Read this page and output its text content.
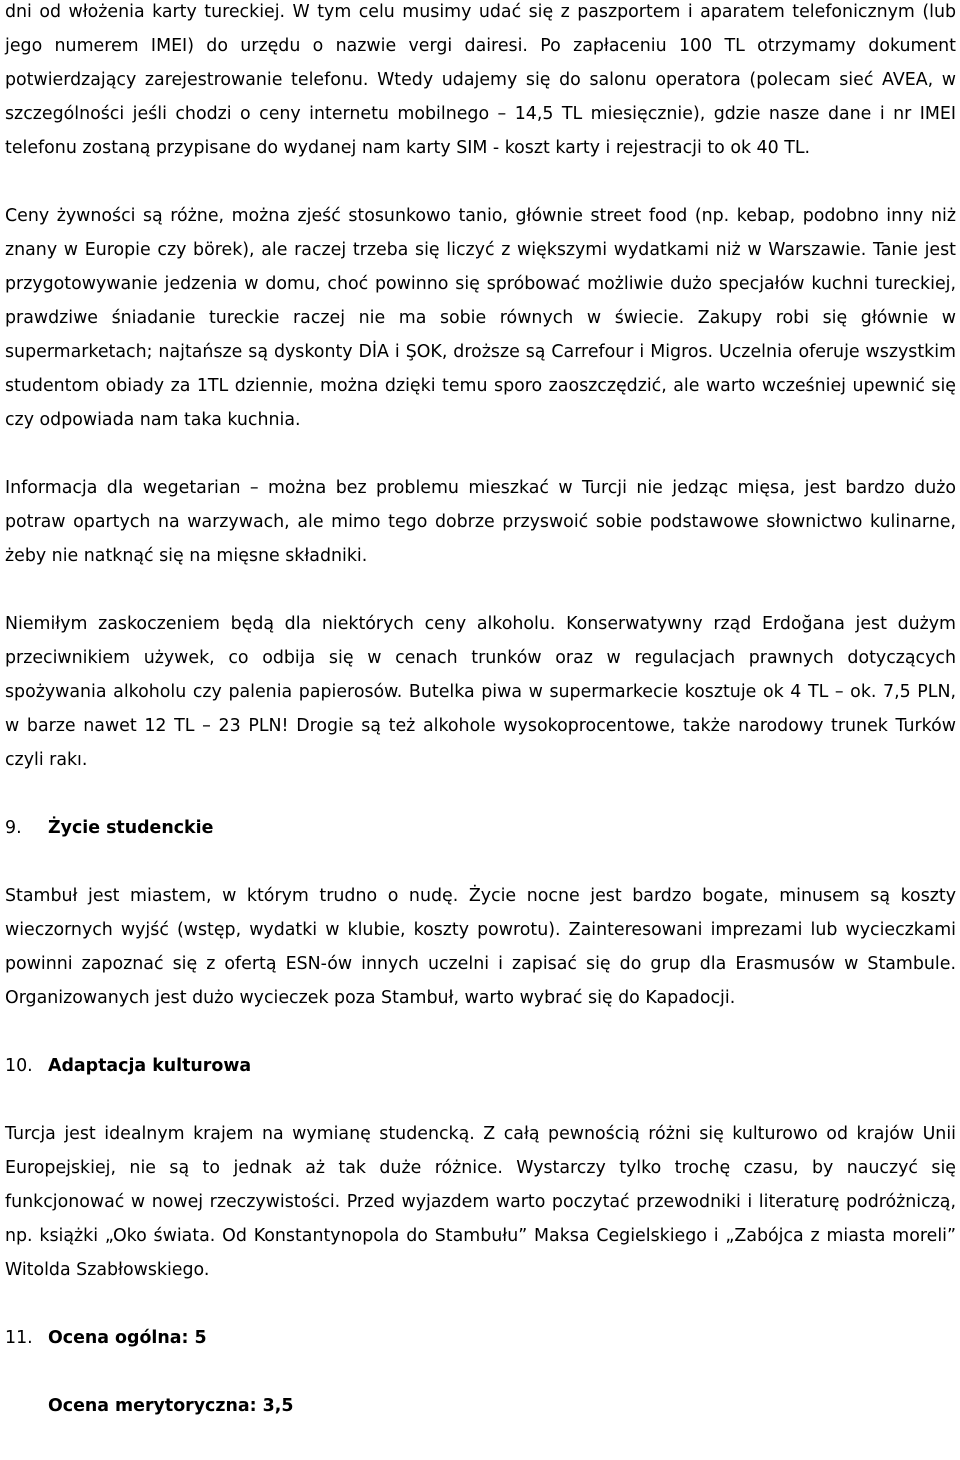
dni od włożenia karty tureckiej. W tym celu musimy udać się z paszportem i aparatem telefonicznym (lub jego numerem IMEI) do urzędu o nazwie vergi dairesi. Po zapłaceniu 100 TL otrzymamy dokument potwierdzający zarejestrowanie telefonu. Wtedy udajemy się do salonu operatora (polecam sieć AVEA, w szczególności jeśli chodzi o ceny internetu mobilnego – 14,5 TL miesięcznie), gdzie nasze dane i nr IMEI telefonu zostaną przypisane do wydanej nam karty SIM - koszt karty i rejestracji to ok 40 TL.

Ceny żywności są różne, można zjeść stosunkowo tanio, głównie street food (np. kebap, podobno inny niż znany w Europie czy börek), ale raczej trzeba się liczyć z większymi wydatkami niż w Warszawie. Tanie jest przygotowywanie jedzenia w domu, choć powinno się spróbować możliwie dużo specjałów kuchni tureckiej, prawdziwe śniadanie tureckie raczej nie ma sobie równych w świecie. Zakupy robi się głównie w supermarketach; najtańsze są dyskonty DİA i ŞOK, droższe są Carrefour i Migros. Uczelnia oferuje wszystkim studentom obiady za 1TL dziennie, można dzięki temu sporo zaoszczędzić, ale warto wcześniej upewnić się czy odpowiada nam taka kuchnia.

Informacja dla wegetarian – można bez problemu mieszkać w Turcji nie jedząc mięsa, jest bardzo dużo potraw opartych na warzywach, ale mimo tego dobrze przyswoić sobie podstawowe słownictwo kulinarne, żeby nie natknąć się na mięsne składniki.

Niemiłym zaskoczeniem będą dla niektórych ceny alkoholu. Konserwatywny rząd Erdoğana jest dużym przeciwnikiem używek, co odbija się w cenach trunków oraz w regulacjach prawnych dotyczących spożywania alkoholu czy palenia papierosów. Butelka piwa w supermarkecie kosztuje ok 4 TL – ok. 7,5 PLN, w barze nawet 12 TL – 23 PLN! Drogie są też alkohole wysokoprocentowe, także narodowy trunek Turków czyli rakı.

9. Życie studenckie

Stambuł jest miastem, w którym trudno o nudę. Życie nocne jest bardzo bogate, minusem są koszty wieczornych wyjść (wstęp, wydatki w klubie, koszty powrotu). Zainteresowani imprezami lub wycieczkami powinni zapoznać się z ofertą ESN-ów innych uczelni i zapisać się do grup dla Erasmusów w Stambule. Organizowanych jest dużo wycieczek poza Stambuł, warto wybrać się do Kapadocji.

10. Adaptacja kulturowa

Turcja jest idealnym krajem na wymianę studencką. Z całą pewnością różni się kulturowo od krajów Unii Europejskiej, nie są to jednak aż tak duże różnice. Wystarczy tylko trochę czasu, by nauczyć się funkcjonować w nowej rzeczywistości. Przed wyjazdem warto poczytać przewodniki i literaturę podróżniczą, np. książki „Oko świata. Od Konstantynopola do Stambułu” Maksa Cegielskiego i „Zabójca z miasta moreli” Witolda Szabłowskiego.

11. Ocena ogólna: 5
Ocena merytoryczna: 3,5
